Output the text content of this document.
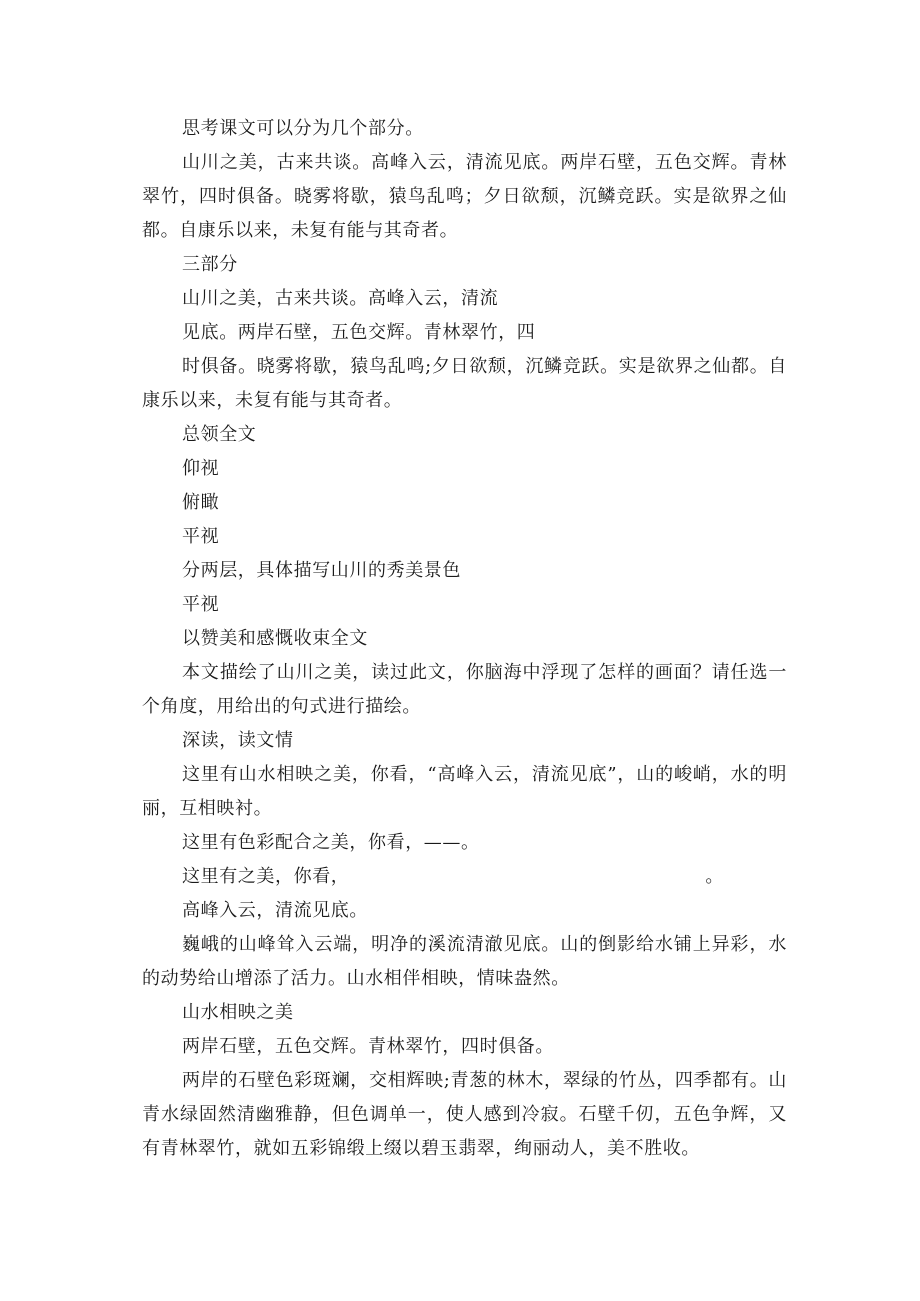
思考课文可以分为几个部分。

山川之美，古来共谈。高峰入云，清流见底。两岸石壁，五色交辉。青林翠竹，四时俱备。晓雾将歇，猿鸟乱鸣；夕日欲颓，沉鳞竞跃。实是欲界之仙都。自康乐以来，未复有能与其奇者。

三部分

山川之美，古来共谈。高峰入云，清流

见底。两岸石壁，五色交辉。青林翠竹，四

时俱备。晓雾将歇，猿鸟乱鸣;夕日欲颓，沉鳞竞跃。实是欲界之仙都。自康乐以来，未复有能与其奇者。

总领全文

仰视

俯瞰

平视

分两层，具体描写山川的秀美景色

平视

以赞美和感慨收束全文

本文描绘了山川之美，读过此文，你脑海中浮现了怎样的画面？请任选一个角度，用给出的句式进行描绘。

深读，读文情

这里有山水相映之美，你看，“高峰入云，清流见底”，山的峻峭，水的明丽，互相映衬。

这里有色彩配合之美，你看，——。

这里有之美，你看，	。

高峰入云，清流见底。

巍峨的山峰耸入云端，明净的溪流清澈见底。山的倒影给水铺上异彩，水的动势给山增添了活力。山水相伴相映，情味盎然。

山水相映之美

两岸石壁，五色交辉。青林翠竹，四时俱备。

两岸的石壁色彩斑斓，交相辉映;青葱的林木，翠绿的竹丛，四季都有。山青水绿固然清幽雅静，但色调单一，使人感到冷寂。石壁千仞，五色争辉，又有青林翠竹，就如五彩锦缎上缀以碧玉翡翠，绚丽动人，美不胜收。
